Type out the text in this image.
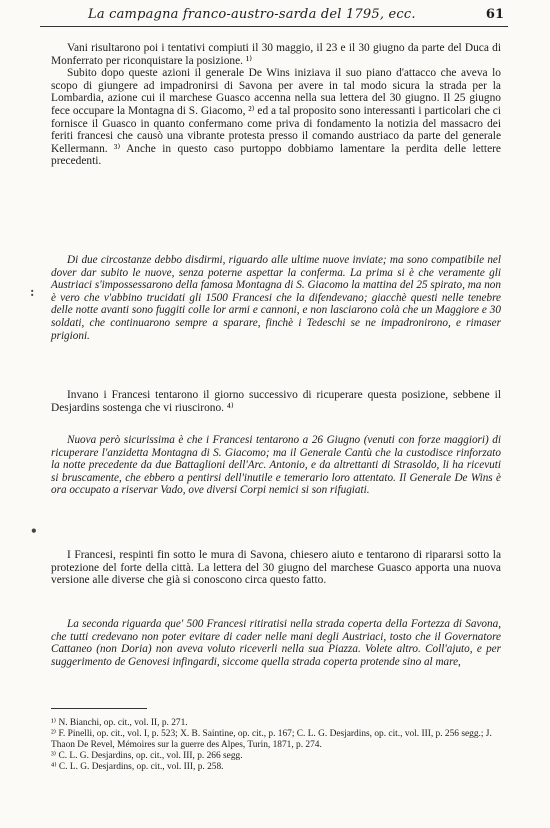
La campagna franco-austro-sarda del 1795, ecc.	61

Vani risultarono poi i tentativi compiuti il 30 maggio, il 23 e il 30 giugno da parte del Duca di Monferrato per riconquistare la posizione. ¹⁾

Subito dopo queste azioni il generale De Wins iniziava il suo piano d'attacco che aveva lo scopo di giungere ad impadronirsi di Savona per avere in tal modo sicura la strada per la Lombardia, azione cui il marchese Guasco accenna nella sua lettera del 30 giugno. Il 25 giugno fece occupare la Montagna di S. Giacomo, ²⁾ ed a tal proposito sono interessanti i particolari che ci fornisce il Guasco in quanto confermano come priva di fondamento la notizia del massacro dei feriti francesi che causò una vibrante protesta presso il comando austriaco da parte del generale Kellermann. ³⁾ Anche in questo caso purtoppo dobbiamo lamentare la perdita delle lettere precedenti.

Di due circostanze debbo disdirmi, riguardo alle ultime nuove inviate; ma sono compatibile nel dover dar subito le nuove, senza poterne aspettar la conferma. La prima si è che veramente gli Austriaci s'impossessarono della famosa Montagna di S. Giacomo la mattina del 25 spirato, ma non è vero che v'abbino trucidati gli 1500 Francesi che la difendevano; giacchè questi nelle tenebre delle notte avanti sono fuggiti colle lor armi e cannoni, e non lasciarono colà che un Maggiore e 30 soldati, che continuarono sempre a sparare, finchè i Tedeschi se ne impadronirono, e rimaser prigioni.

Invano i Francesi tentarono il giorno successivo di ricuperare questa posizione, sebbene il Desjardins sostenga che vi riuscirono. ⁴⁾

Nuova però sicurissima è che i Francesi tentarono a 26 Giugno (venuti con forze maggiori) di ricuperare l'anzidetta Montagna di S. Giacomo; ma il Generale Cantù che la custodisce rinforzato la notte precedente da due Battaglioni dell'Arc. Antonio, e da altrettanti di Strasoldo, li ha ricevuti si bruscamente, che ebbero a pentirsi dell'inutile e temerario loro attentato. Il Generale De Wins è ora occupato a riservar Vado, ove diversi Corpi nemici si son rifugiati.

I Francesi, respinti fin sotto le mura di Savona, chiesero aiuto e tentarono di ripararsi sotto la protezione del forte della città. La lettera del 30 giugno del marchese Guasco apporta una nuova versione alle diverse che già si conoscono circa questo fatto.

La seconda riguarda que' 500 Francesi ritiratisi nella strada coperta della Fortezza di Savona, che tutti credevano non poter evitare di cader nelle mani degli Austriaci, tosto che il Governatore Cattaneo (non Doria) non aveva voluto riceverli nella sua Piazza. Volete altro. Coll'ajuto, e per suggerimento de Genovesi infingardi, siccome quella strada coperta protende sino al mare,

¹⁾ N. Bianchi, op. cit., vol. II, p. 271.

²⁾ F. Pinelli, op. cit., vol. I, p. 523; X. B. Saintine, op. cit., p. 167; C. L. G. Desjardins, op. cit., vol. III, p. 256 segg.; J. Thaon De Revel, Mémoires sur la guerre des Alpes, Turin, 1871, p. 274.

³⁾ C. L. G. Desjardins, op. cit., vol. III, p. 266 segg.

⁴⁾ C. L. G. Desjardins, op. cit., vol. III, p. 258.

:
•
